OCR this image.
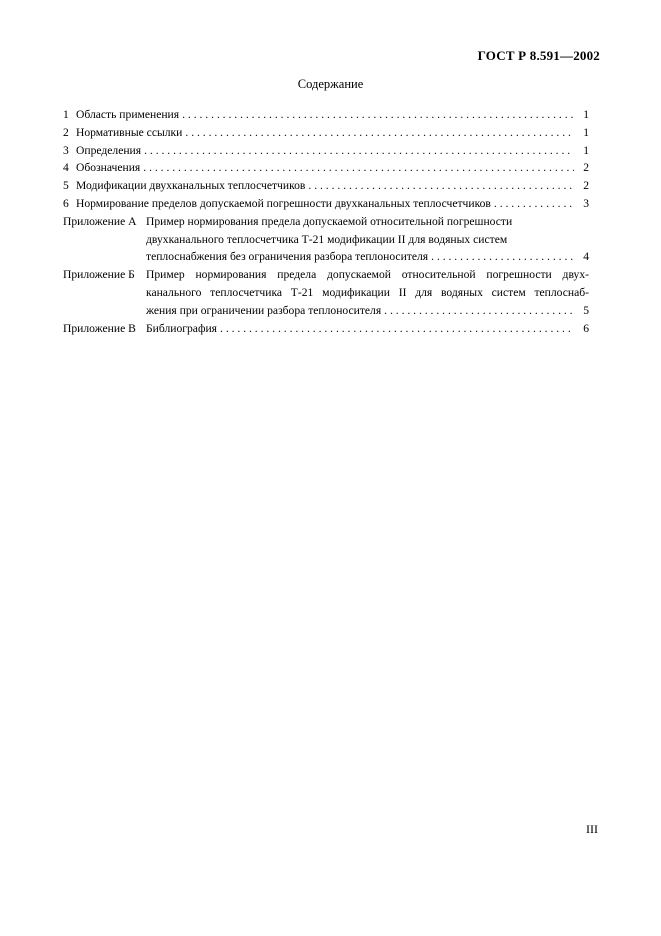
ГОСТ Р 8.591—2002
Содержание
1 Область применения . . .	1
2 Нормативные ссылки . . .	1
3 Определения . . .	1
4 Обозначения . . .	2
5 Модификации двухканальных теплосчетчиков . . .	2
6 Нормирование пределов допускаемой погрешности двухканальных теплосчетчиков . . .	3
Приложение А Пример нормирования предела допускаемой относительной погрешности
двухканального теплосчетчика Т-21 модификации II для водяных систем
теплоснабжения без ограничения разбора теплоносителя . . .	4
Приложение Б Пример нормирования предела допускаемой относительной погрешности двух-
канального теплосчетчика Т-21 модификации II для водяных систем теплоснаб-
жения при ограничении разбора теплоносителя . . .	5
Приложение В Библиография . . .	6
III
